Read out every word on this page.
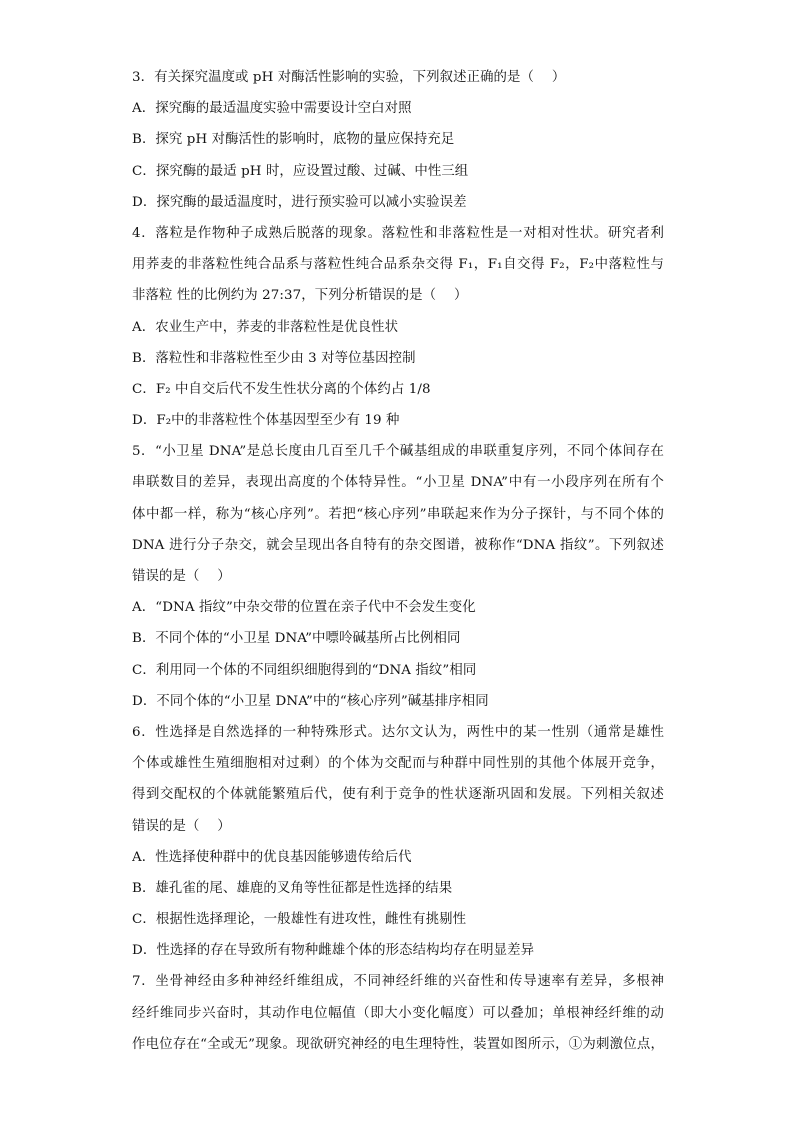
3．有关探究温度或 pH 对酶活性影响的实验，下列叙述正确的是（　 ）
A．探究酶的最适温度实验中需要设计空白对照
B．探究 pH 对酶活性的影响时，底物的量应保持充足
C．探究酶的最适 pH 时，应设置过酸、过碱、中性三组
D．探究酶的最适温度时，进行预实验可以减小实验误差
4．落粒是作物种子成熟后脱落的现象。落粒性和非落粒性是一对相对性状。研究者利
用荞麦的非落粒性纯合品系与落粒性纯合品系杂交得 F₁，F₁自交得 F₂，F₂中落粒性与
非落粒 性的比例约为 27:37，下列分析错误的是（　 ）
A．农业生产中，荞麦的非落粒性是优良性状
B．落粒性和非落粒性至少由 3 对等位基因控制
C．F₂ 中自交后代不发生性状分离的个体约占 1/8
D．F₂中的非落粒性个体基因型至少有 19 种
5．“小卫星 DNA”是总长度由几百至几千个碱基组成的串联重复序列，不同个体间存在
串联数目的差异，表现出高度的个体特异性。“小卫星 DNA”中有一小段序列在所有个
体中都一样，称为“核心序列”。若把“核心序列”串联起来作为分子探针，与不同个体的
DNA 进行分子杂交，就会呈现出各自特有的杂交图谱，被称作“DNA 指纹”。下列叙述
错误的是（　 ）
A．“DNA 指纹”中杂交带的位置在亲子代中不会发生变化
B．不同个体的“小卫星 DNA”中嘌呤碱基所占比例相同
C．利用同一个体的不同组织细胞得到的“DNA 指纹”相同
D．不同个体的“小卫星 DNA”中的“核心序列”碱基排序相同
6．性选择是自然选择的一种特殊形式。达尔文认为，两性中的某一性别（通常是雄性
个体或雄性生殖细胞相对过剩）的个体为交配而与种群中同性别的其他个体展开竞争，
得到交配权的个体就能繁殖后代，使有利于竞争的性状逐渐巩固和发展。下列相关叙述
错误的是（　 ）
A．性选择使种群中的优良基因能够遗传给后代
B．雄孔雀的尾、雄鹿的叉角等性征都是性选择的结果
C．根据性选择理论，一般雄性有进攻性，雌性有挑剔性
D．性选择的存在导致所有物种雌雄个体的形态结构均存在明显差异
7．坐骨神经由多种神经纤维组成，不同神经纤维的兴奋性和传导速率有差异，多根神
经纤维同步兴奋时，其动作电位幅值（即大小变化幅度）可以叠加；单根神经纤维的动
作电位存在“全或无”现象。现欲研究神经的电生理特性，装置如图所示，①为刺激位点，
